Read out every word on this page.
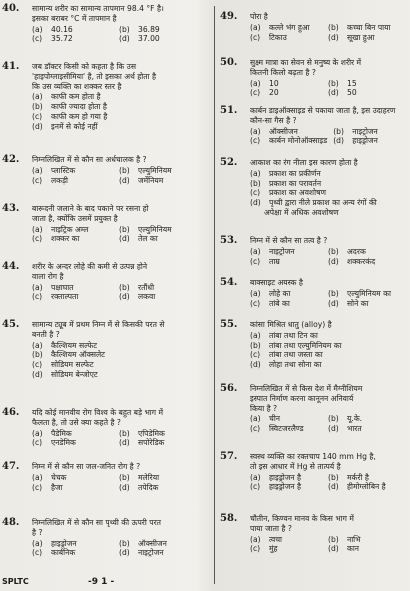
40. सामान्य शरीर का सामान्य तापमान 98.4 °F है।
इसका बराबर °C में तापमान है
(a)	40.16	(b)	36.89
(c)	35.72	(d)	37.00
41. जब डॉक्टर किसी को कहता है कि उस
'हाइपोग्लाइसीमिया' है, तो इसका अर्थ होता है
कि उस व्यक्ति का शक्कर स्तर है
(a)	काफी कम होता है
(b)	काफी ज्यादा होता है
(c)	काफी कम हो गया है
(d)	इनमें से कोई नहीं
42. निम्नलिखित में से कौन सा अर्धचालक है ?
(a)	प्लास्टिक	(b)	एल्युमिनियम
(c)	लकड़ी	(d)	जर्मेनियम
43. बारूदनी जलाने के बाद पकाने पर रसना हो
जाता है, क्योंकि उसमें प्रयुक्त है
(a)	नाइट्रिक अम्ल	(b)	एल्युमिनियम
(c)	शक्कर का	(d)	तेल का
44. शरीर के अन्दर लोहे की कमी से उत्पन्न होने
वाला रोग है
(a)	पक्षाघात	(b)	रतौंधी
(c)	रक्ताल्पता	(d)	लकवा
45. सामान्य ट्यूब में प्रथम निम्न में से किसकी परत से
बनती है ?
(a)	कैल्शियम सल्फेट
(b)	कैल्शियम ऑक्सलेट
(c)	सोडियम सल्फेट
(d)	सोडियम बेन्जोएट
46. यदि कोई मानवीय रोग विश्व के बहुत बड़े भाग में
फैलता है, तो उसे क्या कहते है ?
(a)	पैडेमिक	(b)	एपिडेमिक
(c)	एनडेमिक	(d)	सपोरेडिक
47. निम्न में से कौन सा जल-जनित रोग है ?
(a)	चेचक	(b)	मलेरिया
(c)	हैजा	(d)	तपेदिक
48. निम्नलिखित में से कौन सा पृथ्वी की ऊपरी परत
है ?
(a)	हाइड्रोजन	(b)	ऑक्सीजन
(c)	कार्बनिक	(d)	नाइट्रोजन
49. पोरा है
(a)	कल्ले भंग हुआ (b)	कच्चा बिन पाया
(c)	टिकाउ	(d)	सूखा हुआ
50. सुक्ष्म मात्रा का सेवन से मनुष्य के शरीर में
कितनी किलो बढ़ता है ?
(a)	10	(b)	15
(c)	20	(d)	50
51. कार्बन डाइऑक्साइड से पकाया जाता है, इस उदाहरण
कौन-सा गैस है ?
(a)	ऑक्सीजन	(b)	नाइट्रोजन
(c)	कार्बन मोनोऑक्साइड (d)	हाइड्रोजन
52. आकाश का रंग नीला इस कारण होता है
(a)	प्रकाश का प्रकीर्णन
(b)	प्रकाश का परावर्तन
(c)	प्रकाश का अवशोषण
(d)	पृथ्वी द्वारा नीले प्रकाश का अन्य रंगों की
अपेक्षा में अधिक अवशोषण
53. निम्न में से कौन सा तत्व है ?
(a)	नाइट्रोजन	(b)	अदरक
(c)	ताम्र	(d)	शक्करकंद
54. बाक्साइट अयस्क है
(a)	लोहे का	(b)	एल्युमिनियम का
(c)	तांबे का	(d)	सोने का
55. कांसा मिश्रित धातु (alloy) है
(a)	तांबा तथा टिन का
(b)	तांबा तथा एल्युमिनियम का
(c)	तांबा तथा जस्ता का
(d)	लोहा तथा सोना का
56. निम्नलिखित में से किस देश में मैग्नीशियम
इस्पात निर्माण करना कानूनन अनिवार्य
किया है ?
(a)	चीन	(b)	यू.के.
(c)	स्विटजरलैण्ड	(d)	भारत
57. स्वस्थ व्यक्ति का रक्तचाप 140 mm Hg है,
तो इस आधार में Hg से तात्पर्य है
(a)	हाइड्रोजन है	(b)	मर्करी है
(c)	हाइड्रोजन है	(d)	हीमोग्लोबिन है
58. चौतीन, किण्वन मानव के किस भाग में
पाया जाता है ?
(a)	त्वचा	(b)	नाभि
(c)	मुंह	(d)	कान
SPLTC	-9 1 -
